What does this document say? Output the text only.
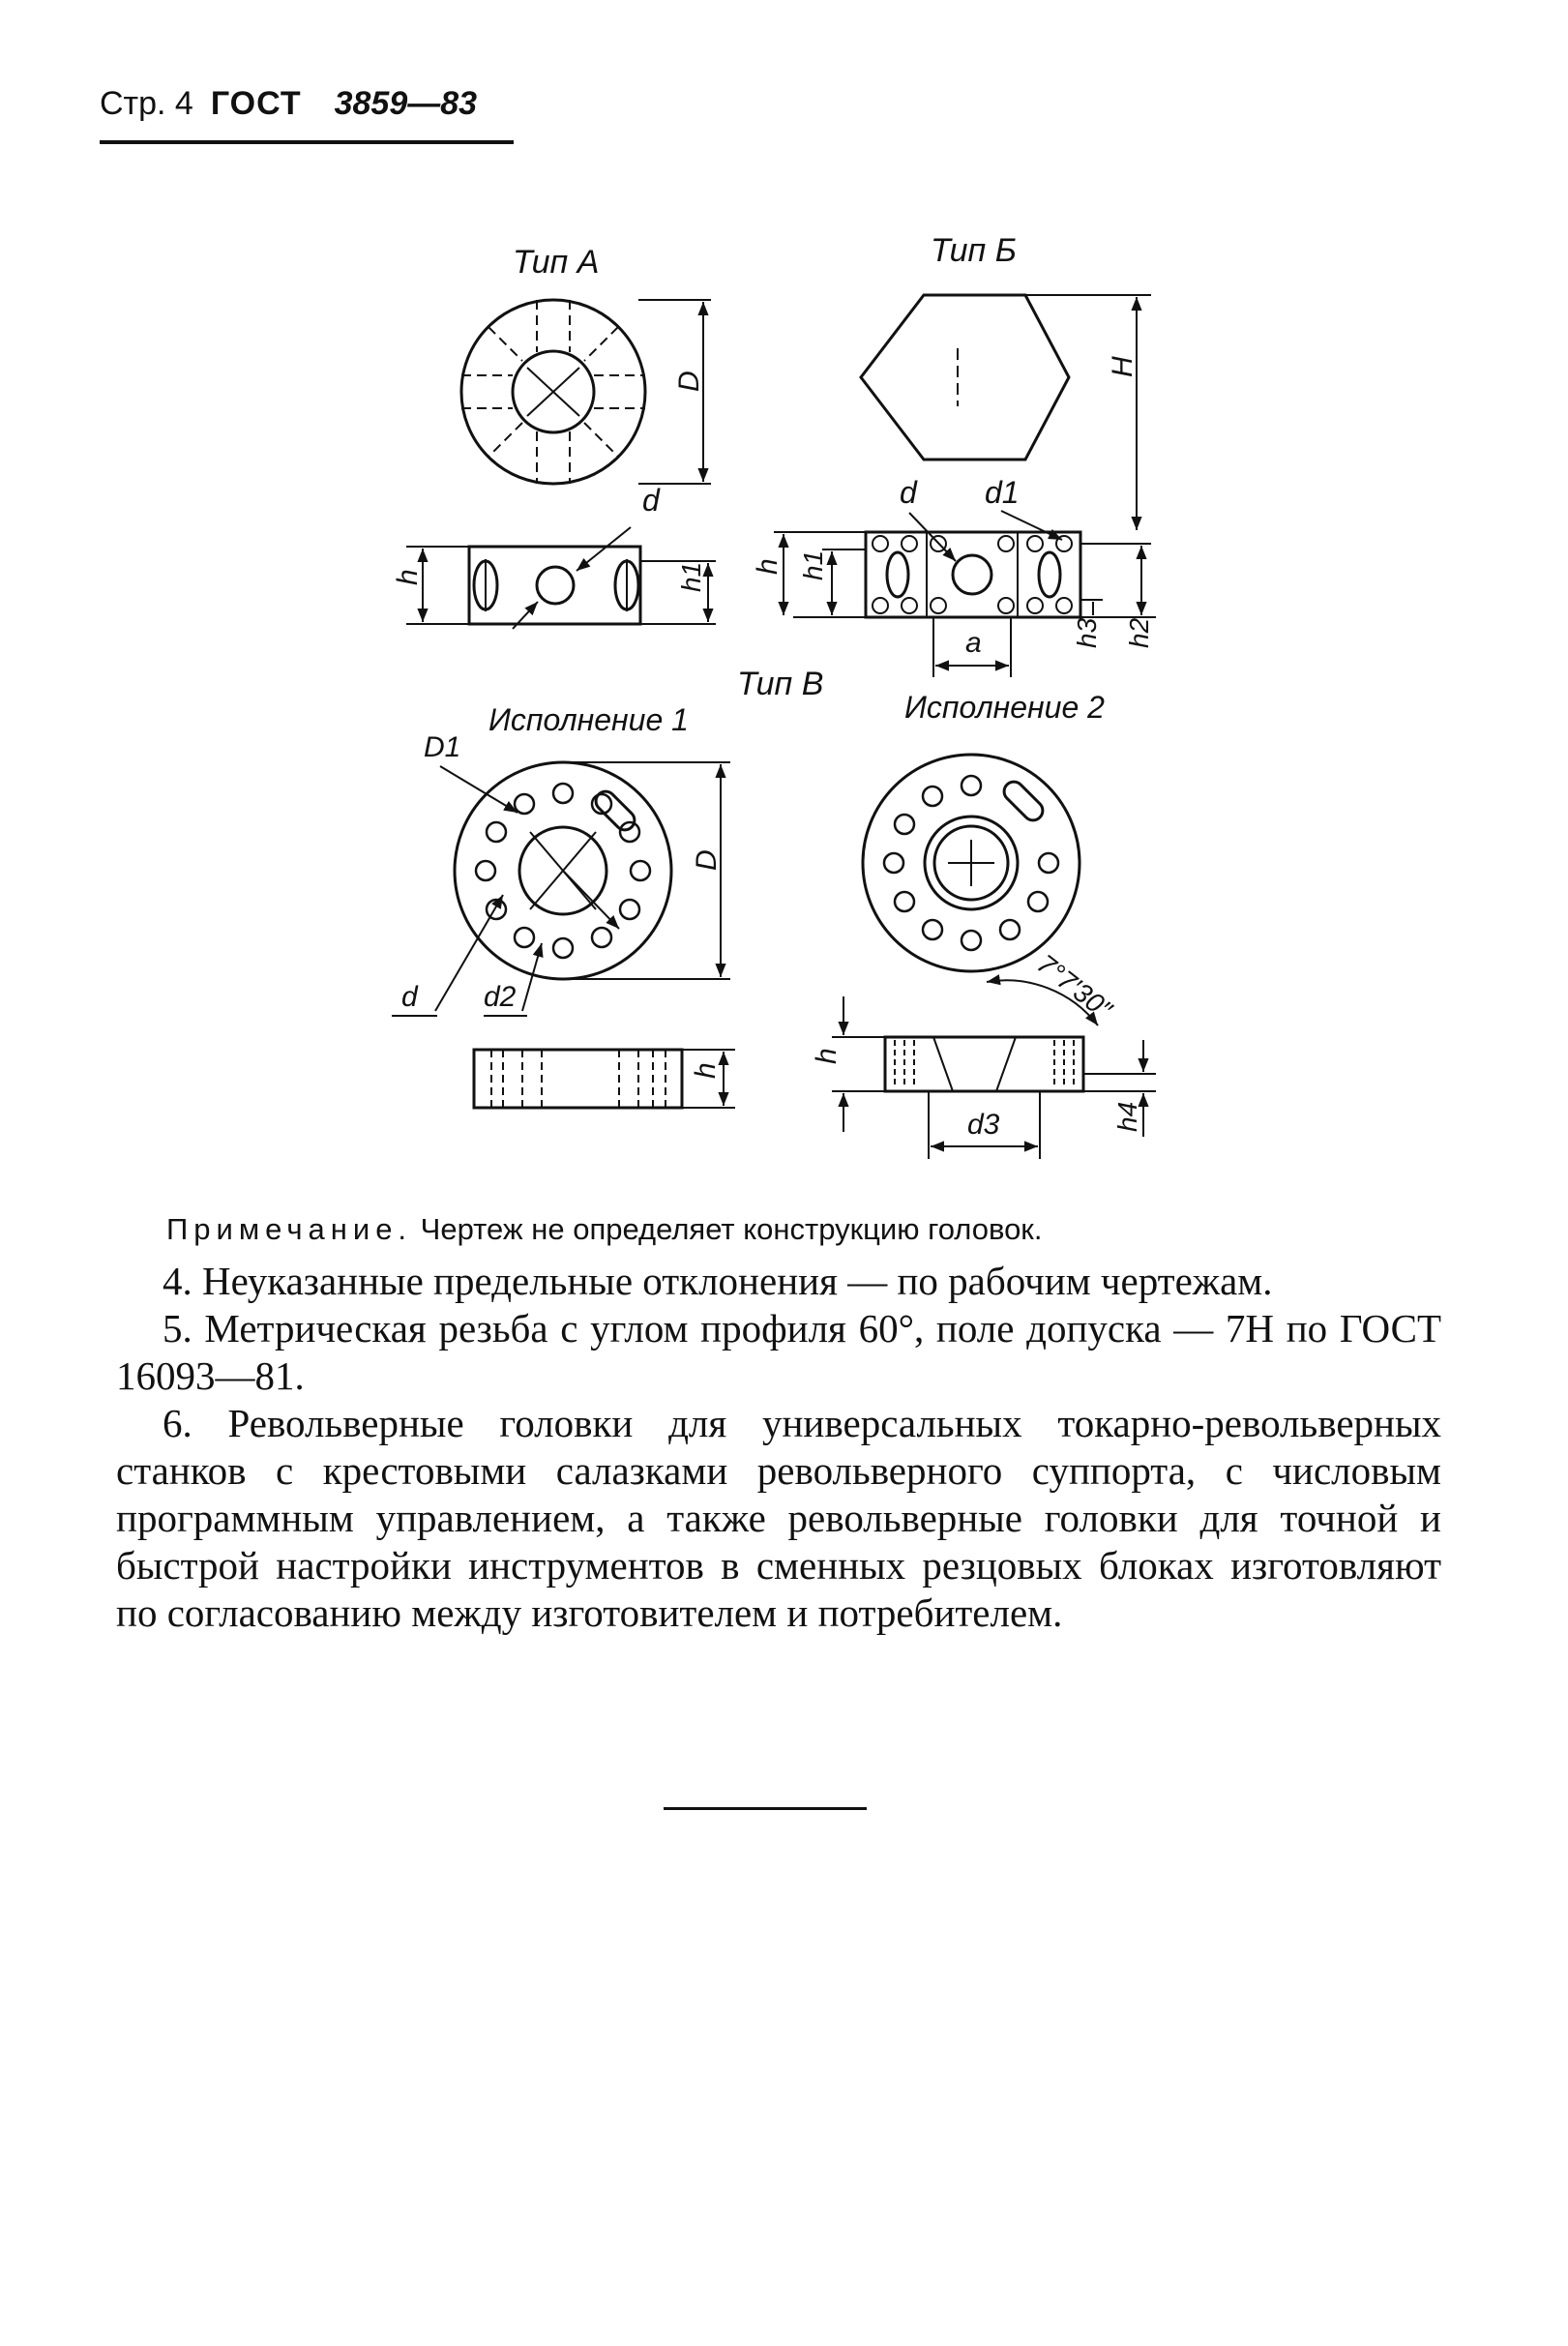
Стр. 4 ГОСТ 3859—83
Тип А
D
d
h	h1
Тип Б
H
d d1
h h1
a	h3 h2
Тип В
Исполнение 1
D1
D
d d2
h
Исполнение 2
7°7′30″
d3
h
h4
Примечание. Чертеж не определяет конструкцию головок.

4. Неуказанные предельные отклонения — по рабочим чертежам.

5. Метрическая резьба с углом профиля 60°, поле допуска — 7Н по ГОСТ 16093—81.

6. Револьверные головки для универсальных токарно-револьверных станков с крестовыми салазками револьверного суппорта, с числовым программным управлением, а также револьверные головки для точной и быстрой настройки инструментов в сменных резцовых блоках изготовляют по согласованию между изготовителем и потребителем.
